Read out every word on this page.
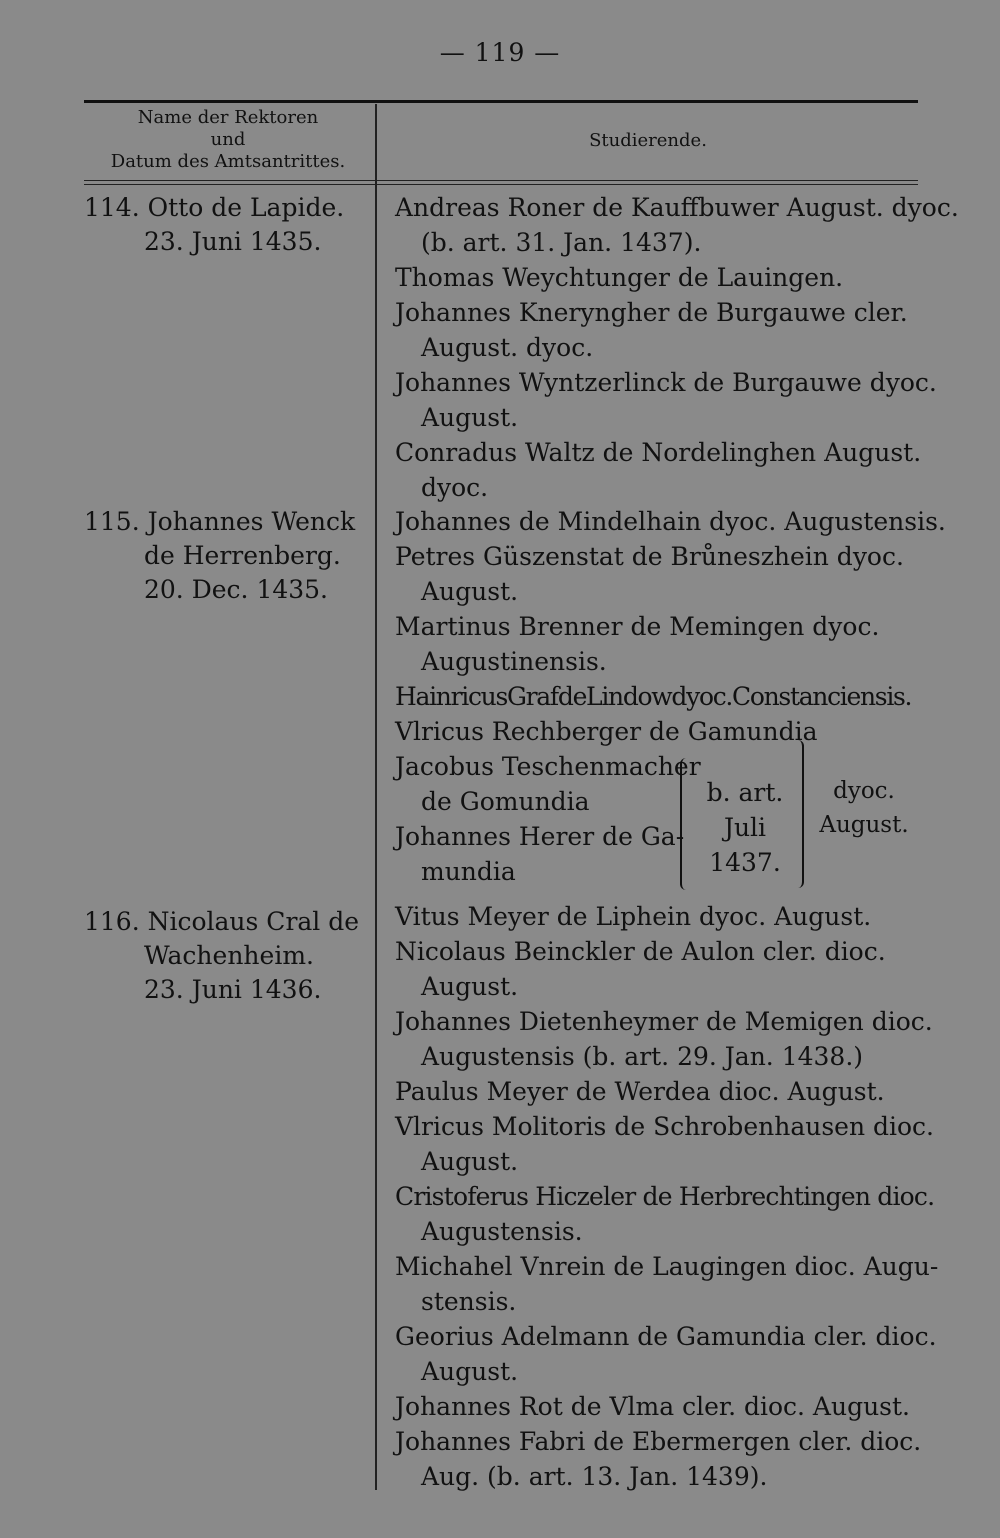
— 119 —
Name der Rektoren
und
Datum des Amtsantrittes.
Studierende.
114. Otto de Lapide.
23. Juni 1435.
115. Johannes Wenck
de Herrenberg.
20. Dec. 1435.
116. Nicolaus Cral de
Wachenheim.
23. Juni 1436.
Andreas Roner de Kauffbuwer August. dyoc.
(b. art. 31. Jan. 1437).
Thomas Weychtunger de Lauingen.
Johannes Kneryngher de Burgauwe cler.
August. dyoc.
Johannes Wyntzerlinck de Burgauwe dyoc.
August.
Conradus Waltz de Nordelinghen August.
dyoc.
Johannes de Mindelhain dyoc. Augustensis.
Petres Güszenstat de Brůneszhein dyoc.
August.
Martinus Brenner de Memingen dyoc.
Augustinensis.
HainricusGrafdeLindowdyoc.Constanciensis.
Vlricus Rechberger de Gamundia
Jacobus Teschenmacher
de Gomundia
Johannes Herer de Ga-
mundia
b. art.
Juli
1437.
dyoc.
August.
Vitus Meyer de Liphein dyoc. August.
Nicolaus Beinckler de Aulon cler. dioc.
August.
Johannes Dietenheymer de Memigen dioc.
Augustensis (b. art. 29. Jan. 1438.)
Paulus Meyer de Werdea dioc. August.
Vlricus Molitoris de Schrobenhausen dioc.
August.
Cristoferus Hiczeler de Herbrechtingen dioc.
Augustensis.
Michahel Vnrein de Laugingen dioc. Augu-
stensis.
Georius Adelmann de Gamundia cler. dioc.
August.
Johannes Rot de Vlma cler. dioc. August.
Johannes Fabri de Ebermergen cler. dioc.
Aug. (b. art. 13. Jan. 1439).
